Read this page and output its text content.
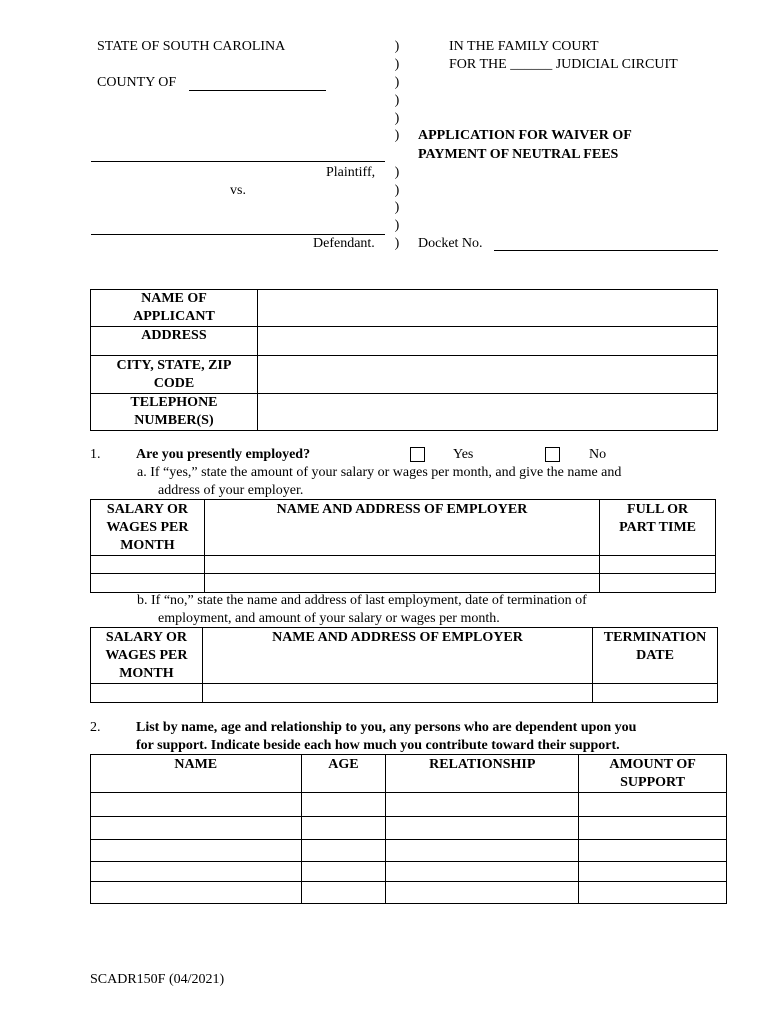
STATE OF SOUTH CAROLINA
COUNTY OF
IN THE FAMILY COURT
FOR THE ______ JUDICIAL CIRCUIT
APPLICATION FOR WAIVER OF
PAYMENT OF NEUTRAL FEES
)
)
)
)
)
)
)
)
)
)
)
Plaintiff,
vs.
Defendant.	Docket No.
NAME OF APPLICANT	
ADDRESS	
CITY, STATE, ZIP CODE	
TELEPHONE NUMBER(S)	
1.	Are you presently employed?	Yes	No
a. If “yes,” state the amount of your salary or wages per month, and give the name and
address of your employer.
SALARY OR WAGES PER MONTH	NAME AND ADDRESS OF EMPLOYER	FULL OR PART TIME

b. If “no,” state the name and address of last employment, date of termination of
employment, and amount of your salary or wages per month.
SALARY OR WAGES PER MONTH	NAME AND ADDRESS OF EMPLOYER	TERMINATION DATE

2.	List by name, age and relationship to you, any persons who are dependent upon you
for support. Indicate beside each how much you contribute toward their support.
NAME	AGE	RELATIONSHIP	AMOUNT OF SUPPORT

SCADR150F (04/2021)
